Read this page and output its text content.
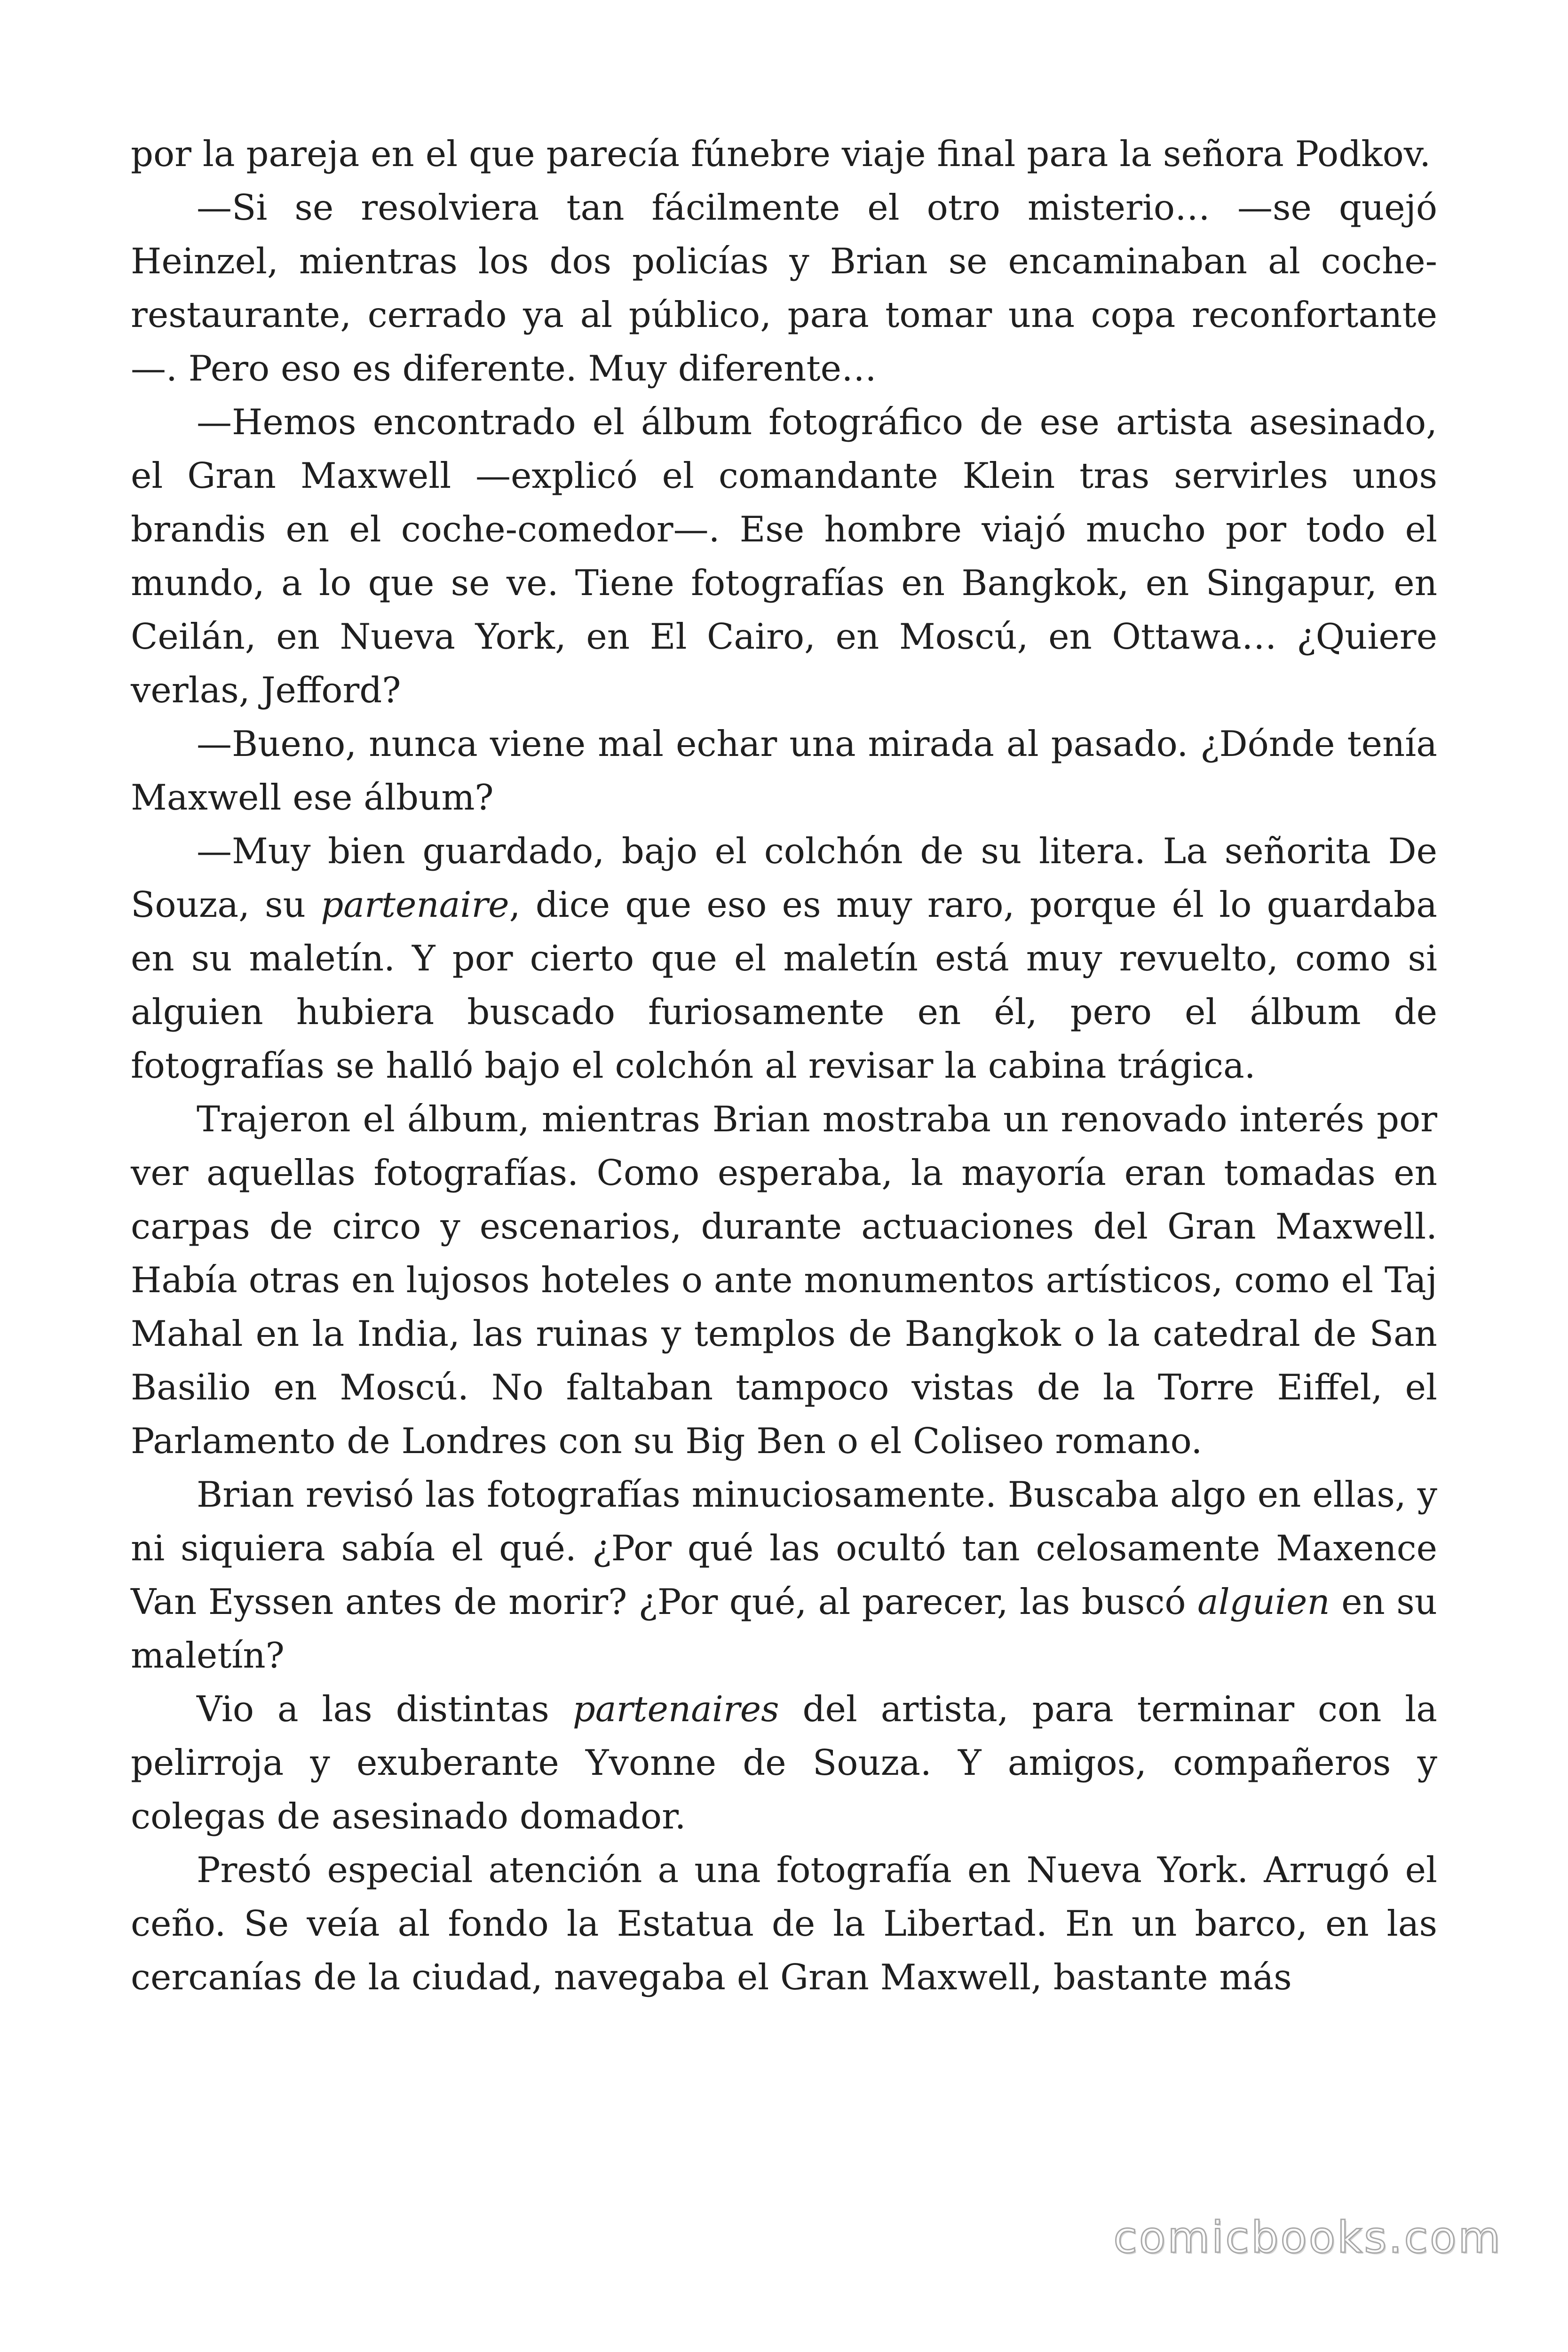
por la pareja en el que parecía fúnebre viaje final para la señora Podkov.

—Si se resolviera tan fácilmente el otro misterio… —se quejó Heinzel, mientras los dos policías y Brian se encaminaban al coche-restaurante, cerrado ya al público, para tomar una copa reconfortante—. Pero eso es diferente. Muy diferente…

—Hemos encontrado el álbum fotográfico de ese artista asesinado, el Gran Maxwell —explicó el comandante Klein tras servirles unos brandis en el coche-comedor—. Ese hombre viajó mucho por todo el mundo, a lo que se ve. Tiene fotografías en Bangkok, en Singapur, en Ceilán, en Nueva York, en El Cairo, en Moscú, en Ottawa… ¿Quiere verlas, Jefford?

—Bueno, nunca viene mal echar una mirada al pasado. ¿Dónde tenía Maxwell ese álbum?

—Muy bien guardado, bajo el colchón de su litera. La señorita De Souza, su partenaire, dice que eso es muy raro, porque él lo guardaba en su maletín. Y por cierto que el maletín está muy revuelto, como si alguien hubiera buscado furiosamente en él, pero el álbum de fotografías se halló bajo el colchón al revisar la cabina trágica.

Trajeron el álbum, mientras Brian mostraba un renovado interés por ver aquellas fotografías. Como esperaba, la mayoría eran tomadas en carpas de circo y escenarios, durante actuaciones del Gran Maxwell. Había otras en lujosos hoteles o ante monumentos artísticos, como el Taj Mahal en la India, las ruinas y templos de Bangkok o la catedral de San Basilio en Moscú. No faltaban tampoco vistas de la Torre Eiffel, el Parlamento de Londres con su Big Ben o el Coliseo romano.

Brian revisó las fotografías minuciosamente. Buscaba algo en ellas, y ni siquiera sabía el qué. ¿Por qué las ocultó tan celosamente Maxence Van Eyssen antes de morir? ¿Por qué, al parecer, las buscó alguien en su maletín?

Vio a las distintas partenaires del artista, para terminar con la pelirroja y exuberante Yvonne de Souza. Y amigos, compañeros y colegas de asesinado domador.

Prestó especial atención a una fotografía en Nueva York. Arrugó el ceño. Se veía al fondo la Estatua de la Libertad. En un barco, en las cercanías de la ciudad, navegaba el Gran Maxwell, bastante más

comicbooks.com
